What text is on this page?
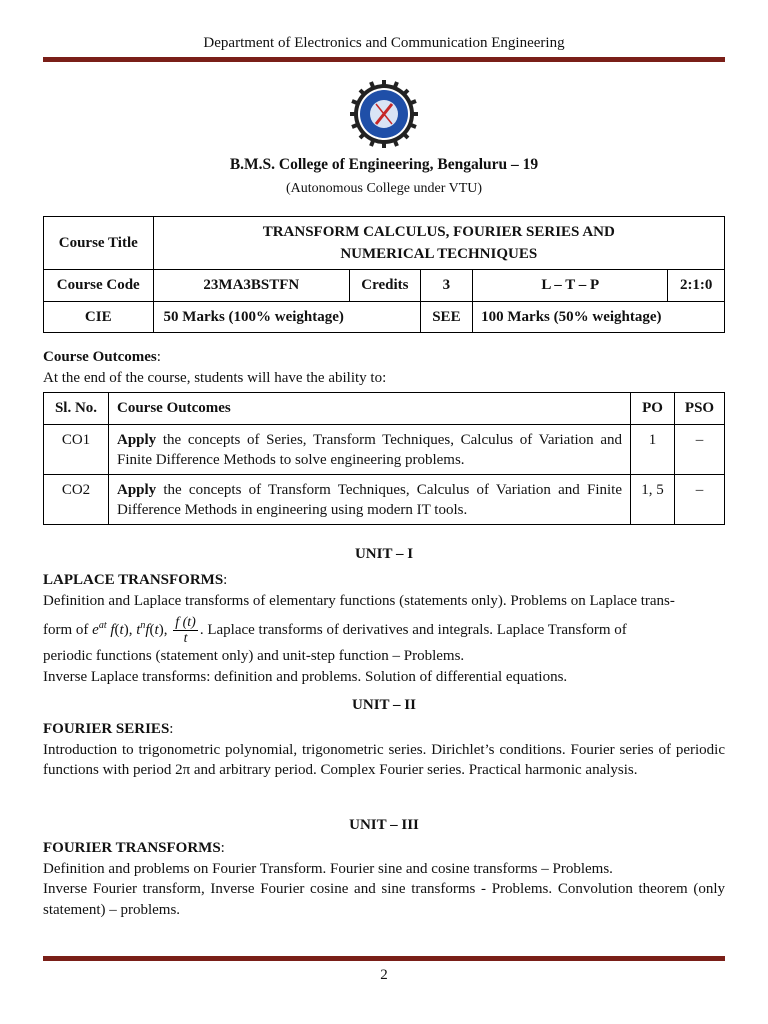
Department of Electronics and Communication Engineering
B.M.S. College of Engineering, Bengaluru – 19
(Autonomous College under VTU)
Course Title	TRANSFORM CALCULUS, FOURIER SERIES AND
NUMERICAL TECHNIQUES				
Course Code	23MA3BSTFN	Credits	3	L – T – P	2:1:0
CIE	50 Marks (100% weightage)		SEE	100 Marks (50% weightage)	
Course Outcomes:
At the end of the course, students will have the ability to:
Sl. No.	Course Outcomes	PO	PSO
CO1	Apply the concepts of Series, Transform Techniques, Calculus of Variation and Finite Difference Methods to solve engineering problems.	1	–
CO2	Apply the concepts of Transform Techniques, Calculus of Variation and Finite Difference Methods in engineering using modern IT tools.	1, 5	–
UNIT – I
LAPLACE TRANSFORMS:
Definition and Laplace transforms of elementary functions (statements only). Problems on Laplace trans-
form of $e^{at}$ f(t), $t^nf(t)$, $\frac{f (t)}{t}$ . Laplace transforms of derivatives and integrals. Laplace Transform of
periodic functions (statement only) and unit-step function – Problems.
Inverse Laplace transforms: definition and problems. Solution of differential equations.
UNIT – II
FOURIER SERIES:
Introduction to trigonometric polynomial, trigonometric series. Dirichlet’s conditions. Fourier series of periodic functions with period 2π and arbitrary period. Complex Fourier series. Practical harmonic analysis.
UNIT – III
FOURIER TRANSFORMS:
Definition and problems on Fourier Transform. Fourier sine and cosine transforms – Problems.
Inverse Fourier transform, Inverse Fourier cosine and sine transforms - Problems. Convolution theorem (only statement) – problems.
2
